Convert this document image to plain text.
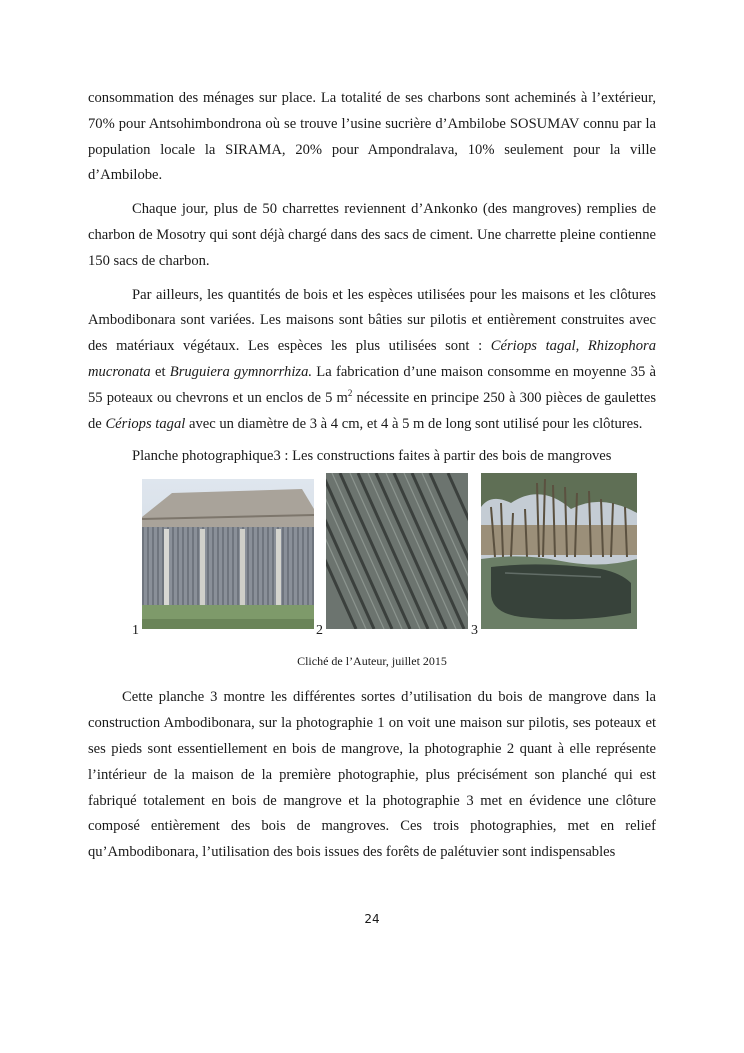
consommation des ménages sur place. La totalité de ses charbons sont acheminés à l’extérieur, 70% pour Antsohimbondrona où se trouve l’usine sucrière d’Ambilobe SOSUMAV connu par la population locale la SIRAMA, 20% pour Ampondralava, 10% seulement pour la ville d’Ambilobe.

Chaque jour, plus de 50 charrettes reviennent d’Ankonko (des mangroves) remplies de charbon de Mosotry qui sont déjà chargé dans des sacs de ciment. Une charrette pleine contienne 150 sacs de charbon.

Par ailleurs, les quantités de bois et les espèces utilisées pour les maisons et les clôtures Ambodibonara sont variées. Les maisons sont bâties sur pilotis et entièrement construites avec des matériaux végétaux. Les espèces les plus utilisées sont : Cériops tagal, Rhizophora mucronata et Bruguiera gymnorrhiza. La fabrication d’une maison consomme en moyenne 35 à 55 poteaux ou chevrons et un enclos de 5 $m^2$ nécessite en principe 250 à 300 pièces de gaulettes de Cériops tagal avec un diamètre de 3 à 4 cm, et 4 à 5 m de long sont utilisé pour les clôtures.

Planche photographique3 : Les constructions faites à partir des bois de mangroves
1	2	3
Cliché de l’Auteur, juillet 2015

Cette planche 3 montre les différentes sortes d’utilisation du bois de mangrove dans la construction Ambodibonara, sur la photographie 1 on voit une maison sur pilotis, ses poteaux et ses pieds sont essentiellement en bois de mangrove, la photographie 2 quant à elle représente l’intérieur de la maison de la première photographie, plus précisément son planché qui est fabriqué totalement en bois de mangrove et la photographie 3 met en évidence une clôture composé entièrement des bois de mangroves. Ces trois photographies, met en relief qu’Ambodibonara, l’utilisation des bois issues des forêts de palétuvier sont indispensables

24
